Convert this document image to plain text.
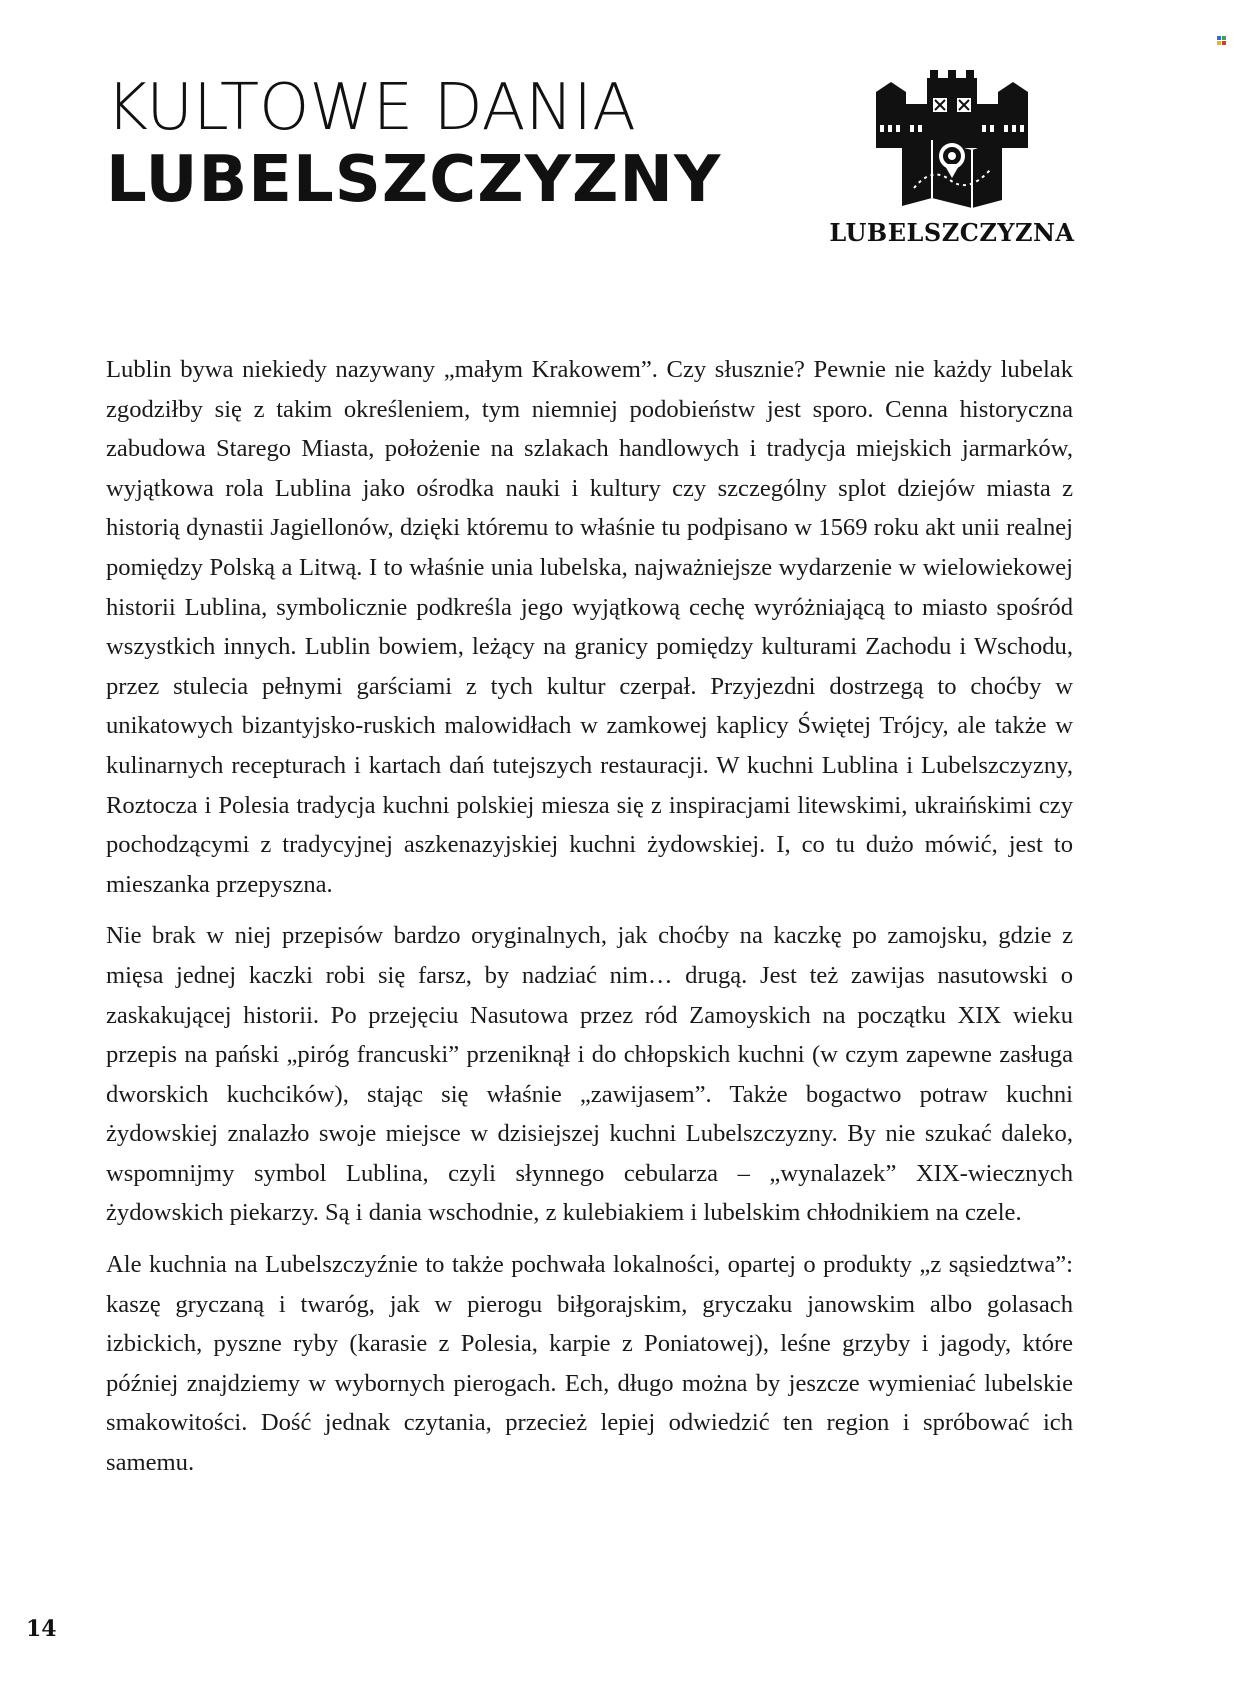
KULTOWE DANIA
LUBELSZCZYZNY
LUBELSZCZYZNA

Lublin bywa niekiedy nazywany „małym Krakowem”. Czy słusznie? Pewnie nie każdy lubelak zgodziłby się z takim określeniem, tym niemniej podobieństw jest sporo. Cenna historyczna zabudowa Starego Miasta, położenie na szlakach handlowych i tradycja miejskich jarmarków, wyjątkowa rola Lublina jako ośrodka nauki i kultury czy szczególny splot dziejów miasta z historią dynastii Jagiellonów, dzięki któremu to właśnie tu podpisano w 1569 roku akt unii realnej pomiędzy Polską a Litwą. I to właśnie unia lubelska, najważniejsze wydarzenie w wielowiekowej historii Lublina, symbolicznie podkreśla jego wyjątkową cechę wyróżniającą to miasto spośród wszystkich innych. Lublin bowiem, leżący na granicy pomiędzy kulturami Zachodu i Wschodu, przez stulecia pełnymi garściami z tych kultur czerpał. Przyjezdni dostrzegą to choćby w unikatowych bizantyjsko-ruskich malowidłach w zamkowej kaplicy Świętej Trójcy, ale także w kulinarnych recepturach i kartach dań tutejszych restauracji. W kuchni Lublina i Lubelszczyzny, Roztocza i Polesia tradycja kuchni polskiej miesza się z inspiracjami litewskimi, ukraińskimi czy pochodzącymi z tradycyjnej aszkenazyjskiej kuchni żydowskiej. I, co tu dużo mówić, jest to mieszanka przepyszna.

Nie brak w niej przepisów bardzo oryginalnych, jak choćby na kaczkę po zamojsku, gdzie z mięsa jednej kaczki robi się farsz, by nadziać nim… drugą. Jest też zawijas nasutowski o zaskakującej historii. Po przejęciu Nasutowa przez ród Zamoyskich na początku XIX wieku przepis na pański „piróg francuski” przeniknął i do chłopskich kuchni (w czym zapewne zasługa dworskich kuchcików), stając się właśnie „zawijasem”. Także bogactwo potraw kuchni żydowskiej znalazło swoje miejsce w dzisiejszej kuchni Lubelszczyzny. By nie szukać daleko, wspomnijmy symbol Lublina, czyli słynnego cebularza – „wynalazek” XIX-wiecznych żydowskich piekarzy. Są i dania wschodnie, z kulebiakiem i lubelskim chłodnikiem na czele.

Ale kuchnia na Lubelszczyźnie to także pochwała lokalności, opartej o produkty „z sąsiedztwa”: kaszę gryczaną i twaróg, jak w pierogu biłgorajskim, gryczaku janowskim albo golasach izbickich, pyszne ryby (karasie z Polesia, karpie z Poniatowej), leśne grzyby i jagody, które później znajdziemy w wybornych pierogach. Ech, długo można by jeszcze wymieniać lubelskie smakowitości. Dość jednak czytania, przecież lepiej odwiedzić ten region i spróbować ich samemu.

14
